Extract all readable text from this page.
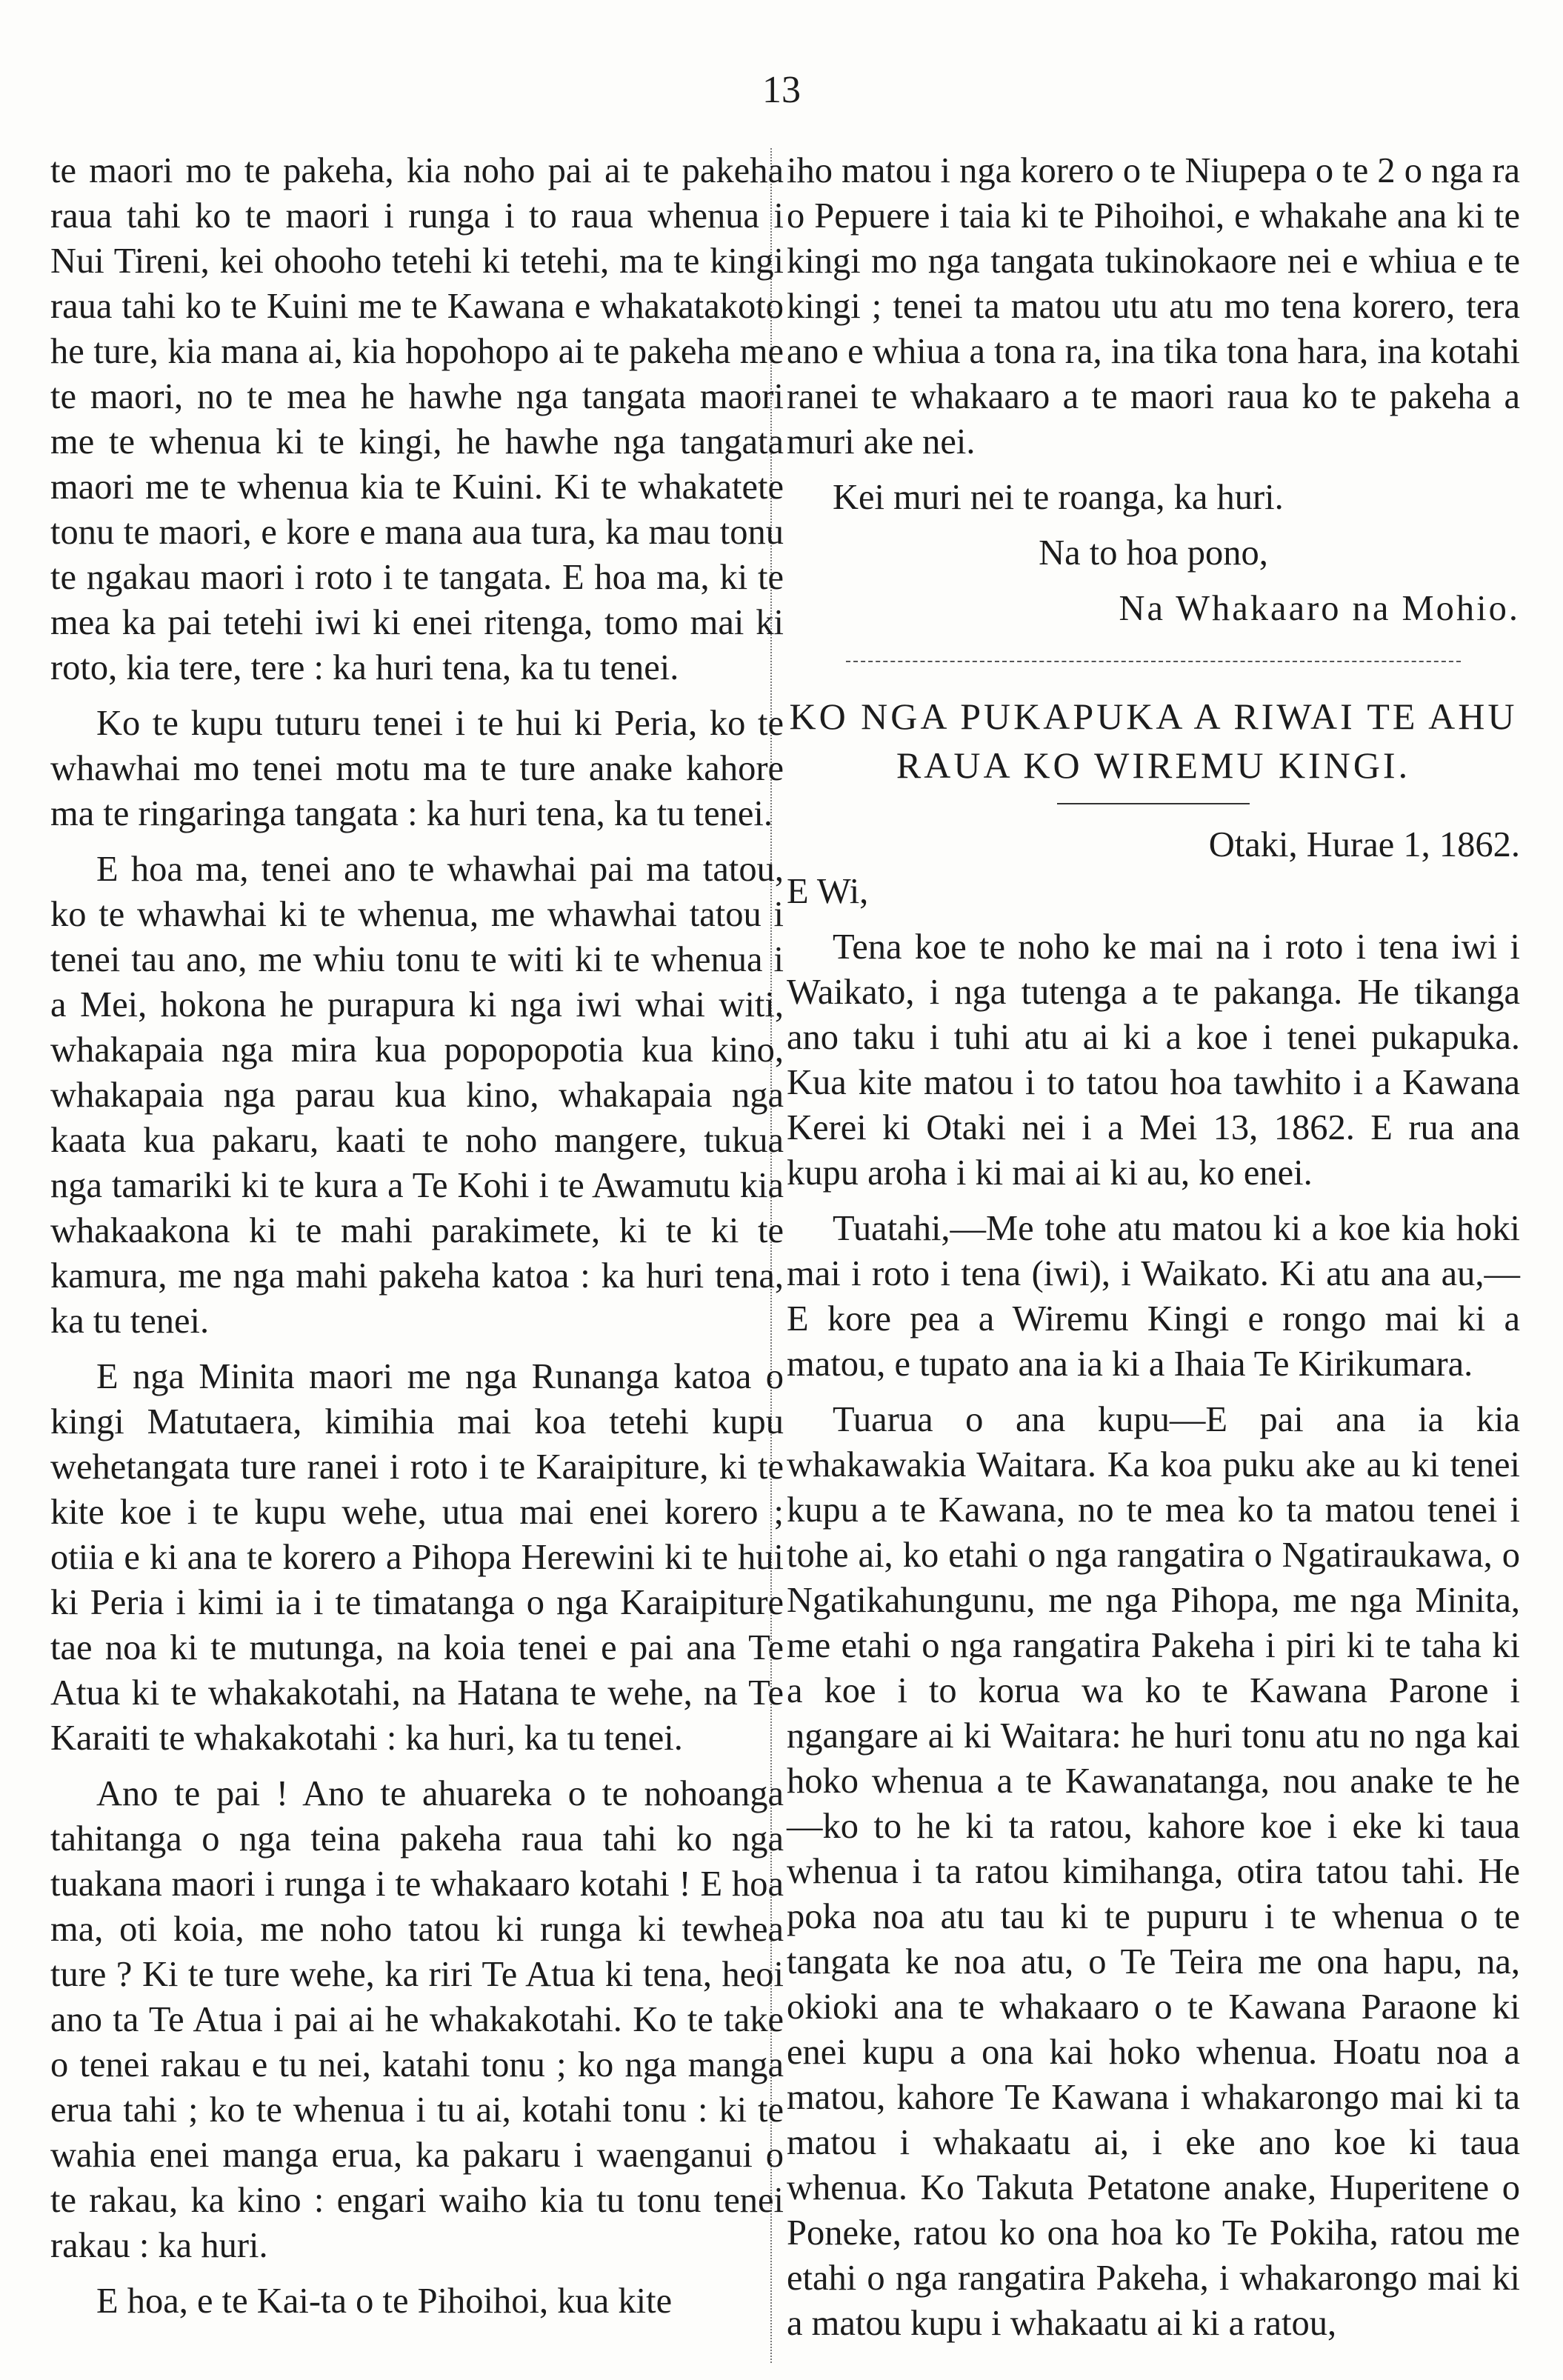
13

te maori mo te pakeha, kia noho pai ai te pakeha raua tahi ko te maori i runga i to raua whenua i Nui Tireni, kei ohooho tetehi ki tetehi, ma te kingi raua tahi ko te Kuini me te Kawana e whakatakoto he ture, kia mana ai, kia hopohopo ai te pakeha me te maori, no te mea he hawhe nga tangata maori me te whenua ki te kingi, he hawhe nga tangata maori me te whenua kia te Kuini. Ki te whakatete tonu te maori, e kore e mana aua tura, ka mau tonu te ngakau maori i roto i te tangata. E hoa ma, ki te mea ka pai tetehi iwi ki enei ritenga, tomo mai ki roto, kia tere, tere : ka huri tena, ka tu tenei.

Ko te kupu tuturu tenei i te hui ki Peria, ko te whawhai mo tenei motu ma te ture anake kahore ma te ringaringa tangata : ka huri tena, ka tu tenei.

E hoa ma, tenei ano te whawhai pai ma tatou, ko te whawhai ki te whenua, me whawhai tatou i tenei tau ano, me whiu tonu te witi ki te whenua i a Mei, hokona he purapura ki nga iwi whai witi, whakapaia nga mira kua popopopotia kua kino, whakapaia nga parau kua kino, whakapaia nga kaata kua pakaru, kaati te noho mangere, tukua nga tamariki ki te kura a Te Kohi i te Awamutu kia whakaakona ki te mahi parakimete, ki te ki te kamura, me nga mahi pakeha katoa : ka huri tena, ka tu tenei.

E nga Minita maori me nga Runanga katoa o kingi Matutaera, kimihia mai koa tetehi kupu wehetangata ture ranei i roto i te Karaipiture, ki te kite koe i te kupu wehe, utua mai enei korero ; otiia e ki ana te korero a Pihopa Herewini ki te hui ki Peria i kimi ia i te timatanga o nga Karaipiture tae noa ki te mutunga, na koia tenei e pai ana Te Atua ki te whakakotahi, na Hatana te wehe, na Te Karaiti te whakakotahi : ka huri, ka tu tenei.

Ano te pai ! Ano te ahuareka o te nohoanga tahitanga o nga teina pakeha raua tahi ko nga tuakana maori i runga i te whakaaro kotahi ! E hoa ma, oti koia, me noho tatou ki runga ki tewhea ture ? Ki te ture wehe, ka riri Te Atua ki tena, heoi ano ta Te Atua i pai ai he whakakotahi. Ko te take o tenei rakau e tu nei, katahi tonu ; ko nga manga erua tahi ; ko te whenua i tu ai, kotahi tonu : ki te wahia enei manga erua, ka pakaru i waenganui o te rakau, ka kino : engari waiho kia tu tonu tenei rakau : ka huri.

E hoa, e te Kai-ta o te Pihoihoi, kua kite

iho matou i nga korero o te Niupepa o te 2 o nga ra o Pepuere i taia ki te Pihoihoi, e whakahe ana ki te kingi mo nga tangata tukinokaore nei e whiua e te kingi ; tenei ta matou utu atu mo tena korero, tera ano e whiua a tona ra, ina tika tona hara, ina kotahi ranei te whakaaro a te maori raua ko te pakeha a muri ake nei.

Kei muri nei te roanga, ka huri.

Na to hoa pono,

Na Whakaaro na Mohio.

KO NGA PUKAPUKA A RIWAI TE AHU RAUA KO WIREMU KINGI.
Otaki, Hurae 1, 1862.

E Wi,

Tena koe te noho ke mai na i roto i tena iwi i Waikato, i nga tutenga a te pakanga. He tikanga ano taku i tuhi atu ai ki a koe i tenei pukapuka. Kua kite matou i to tatou hoa tawhito i a Kawana Kerei ki Otaki nei i a Mei 13, 1862. E rua ana kupu aroha i ki mai ai ki au, ko enei.

Tuatahi,—Me tohe atu matou ki a koe kia hoki mai i roto i tena (iwi), i Waikato. Ki atu ana au,—E kore pea a Wiremu Kingi e rongo mai ki a matou, e tupato ana ia ki a Ihaia Te Kirikumara.

Tuarua o ana kupu—E pai ana ia kia whakawakia Waitara. Ka koa puku ake au ki tenei kupu a te Kawana, no te mea ko ta matou tenei i tohe ai, ko etahi o nga rangatira o Ngatiraukawa, o Ngatikahungunu, me nga Pihopa, me nga Minita, me etahi o nga rangatira Pakeha i piri ki te taha ki a koe i to korua wa ko te Kawana Parone i ngangare ai ki Waitara: he huri tonu atu no nga kai hoko whenua a te Kawanatanga, nou anake te he—ko to he ki ta ratou, kahore koe i eke ki taua whenua i ta ratou kimihanga, otira tatou tahi. He poka noa atu tau ki te pupuru i te whenua o te tangata ke noa atu, o Te Teira me ona hapu, na, okioki ana te whakaaro o te Kawana Paraone ki enei kupu a ona kai hoko whenua. Hoatu noa a matou, kahore Te Kawana i whakarongo mai ki ta matou i whakaatu ai, i eke ano koe ki taua whenua. Ko Takuta Petatone anake, Huperitene o Poneke, ratou ko ona hoa ko Te Pokiha, ratou me etahi o nga rangatira Pakeha, i whakarongo mai ki a matou kupu i whakaatu ai ki a ratou,
